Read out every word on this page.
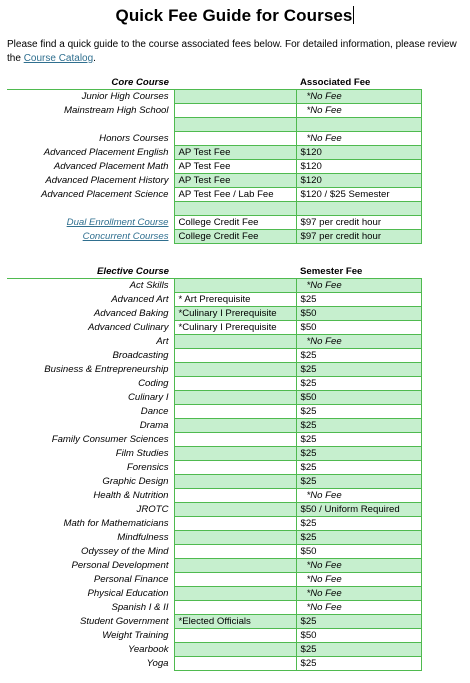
Quick Fee Guide for Courses
Please find a quick guide to the course associated fees below. For detailed information, please review the Course Catalog.
Core Course		Associated Fee
Junior High Courses		*No Fee
Mainstream High School		*No Fee

Honors Courses		*No Fee
Advanced Placement English	AP Test Fee	$120
Advanced Placement Math	AP Test Fee	$120
Advanced Placement History	AP Test Fee	$120
Advanced Placement Science	AP Test Fee / Lab Fee	$120 / $25 Semester

Dual Enrollment Course	College Credit Fee	$97 per credit hour
Concurrent Courses	College Credit Fee	$97 per credit hour
Elective Course		Semester Fee
Act Skills		*No Fee
Advanced Art	* Art Prerequisite	$25
Advanced Baking	*Culinary I Prerequisite	$50
Advanced Culinary	*Culinary I Prerequisite	$50
Art		*No Fee
Broadcasting		$25
Business & Entrepreneurship		$25
Coding		$25
Culinary I		$50
Dance		$25
Drama		$25
Family Consumer Sciences		$25
Film Studies		$25
Forensics		$25
Graphic Design		$25
Health & Nutrition		*No Fee
JROTC		$50 / Uniform Required
Math for Mathematicians		$25
Mindfulness		$25
Odyssey of the Mind		$50
Personal Development		*No Fee
Personal Finance		*No Fee
Physical Education		*No Fee
Spanish I & II		*No Fee
Student Government	*Elected Officials	$25
Weight Training		$50
Yearbook		$25
Yoga		$25
